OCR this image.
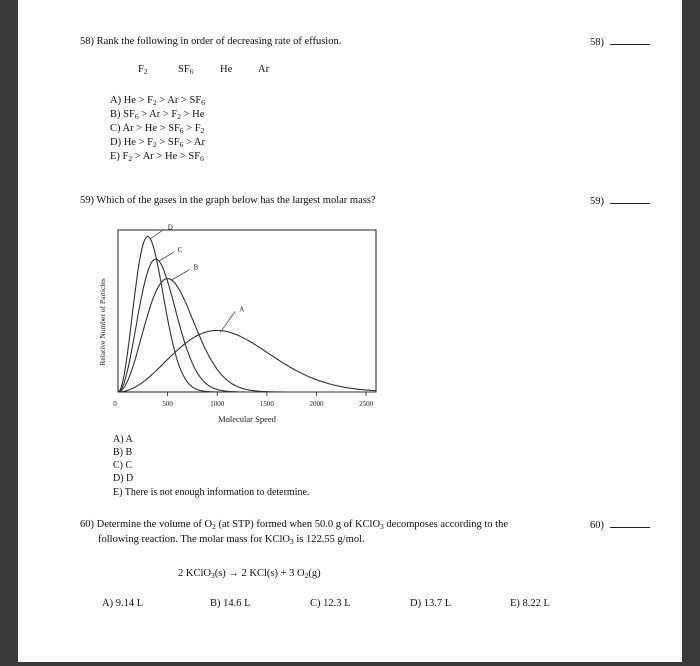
58) Rank the following in order of decreasing rate of effusion.	58)
$F_2$	$SF_6$	He Ar
A) $He > F_2 > Ar > SF_6$
B) $SF_6 > Ar > F_2 > He$
C) $Ar > He > SF_6 > F_2$
D) $He > F_2 > SF_6 > Ar$
E) $F_2 > Ar > He > SF_6$
59) Which of the gases in the graph below has the largest molar mass?	59)
Relative Number of Particles
Molecular Speed
0	500	1000	1500	2000	2500
A
B
C
D
A) A
B) B
C) C
D) D
E) There is not enough information to determine.
60) Determine the volume of $O_2$ (at STP) formed when 50.0 g of KClO$_3$ decomposes according to the
following reaction. The molar mass for KClO$_3$ is 122.55 g/mol.
60)
2 KClO$_3$(s) → 2 KCl(s) + 3 $O_2(g)$
A) 9.14 L	B) 14.6 L	C) 12.3 L	D) 13.7 L	E) 8.22 L
